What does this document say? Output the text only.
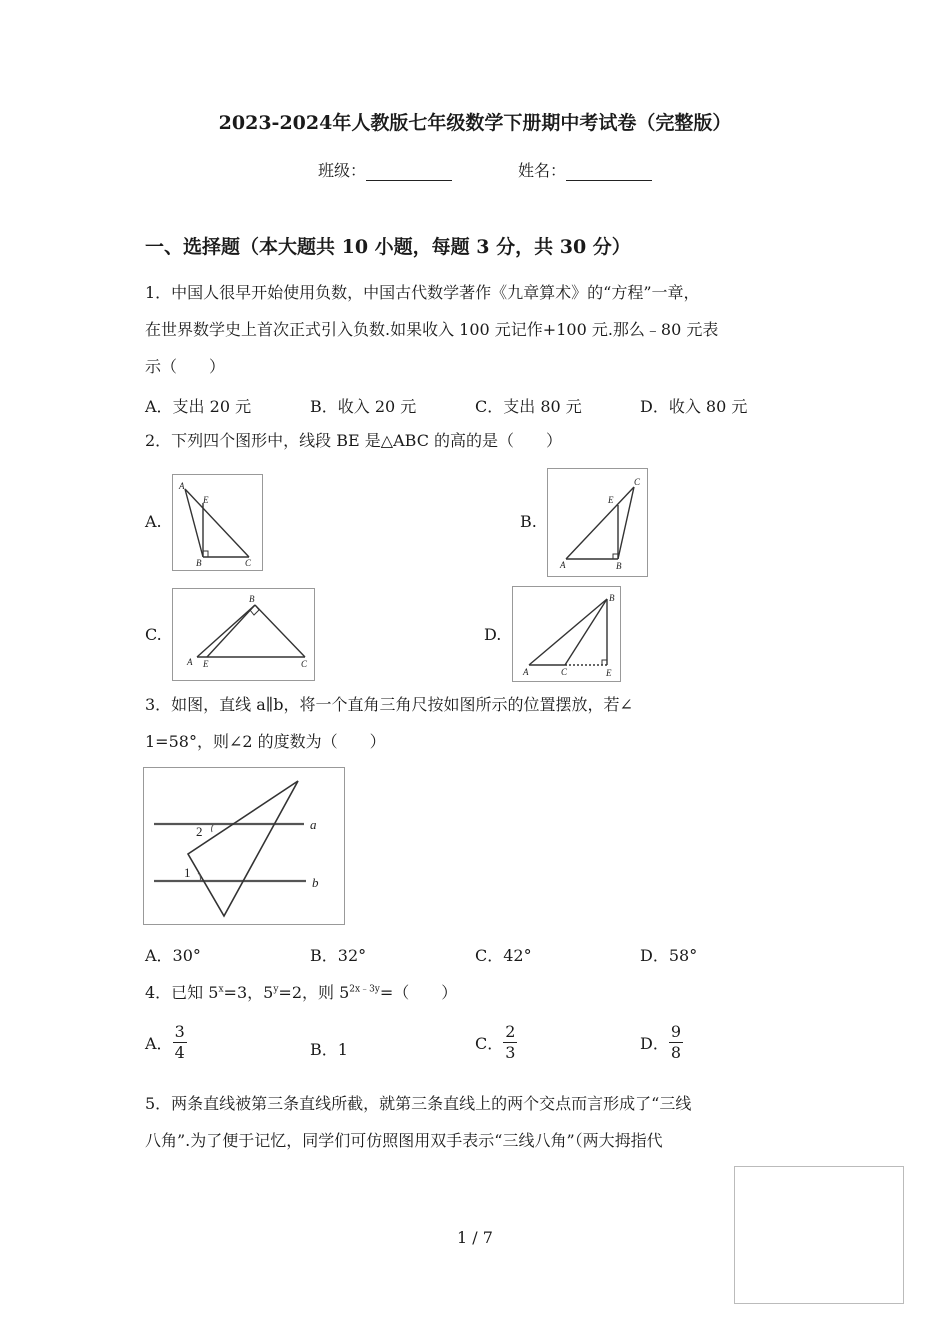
2023-2024年人教版七年级数学下册期中考试卷（完整版）
班级：	姓名：
一、选择题（本大题共 10 小题，每题 3 分，共 30 分）
1．中国人很早开始使用负数，中国古代数学著作《九章算术》的“方程”一章，
在世界数学史上首次正式引入负数.如果收入 100 元记作+100 元.那么﹣80 元表
示（　　）
A．支出 20 元	B．收入 20 元	C．支出 80 元	D．收入 80 元
2．下列四个图形中，线段 BE 是△ABC 的高的是（　　）
A.
A
E
B	C
B.
A
E
B
C
C.
A E
B
C
D.
A	C
B
E
3．如图，直线 a∥b，将一个直角三角尺按如图所示的位置摆放，若∠
1=58°，则∠2 的度数为（　　）
2
1
a
b
A．30°	B．32°	C．42°	D．58°
4．已知 $5^x=3$，$5^y=2$，则 $5^{2x﹣3y}=$（　　）
A． $\frac{3}{4}$	B．1	C． $\frac{2}{3}$	D． $\frac{9}{8}$
5．两条直线被第三条直线所截，就第三条直线上的两个交点而言形成了“三线
八角”.为了便于记忆，同学们可仿照图用双手表示“三线八角”（两大拇指代
1 / 7
